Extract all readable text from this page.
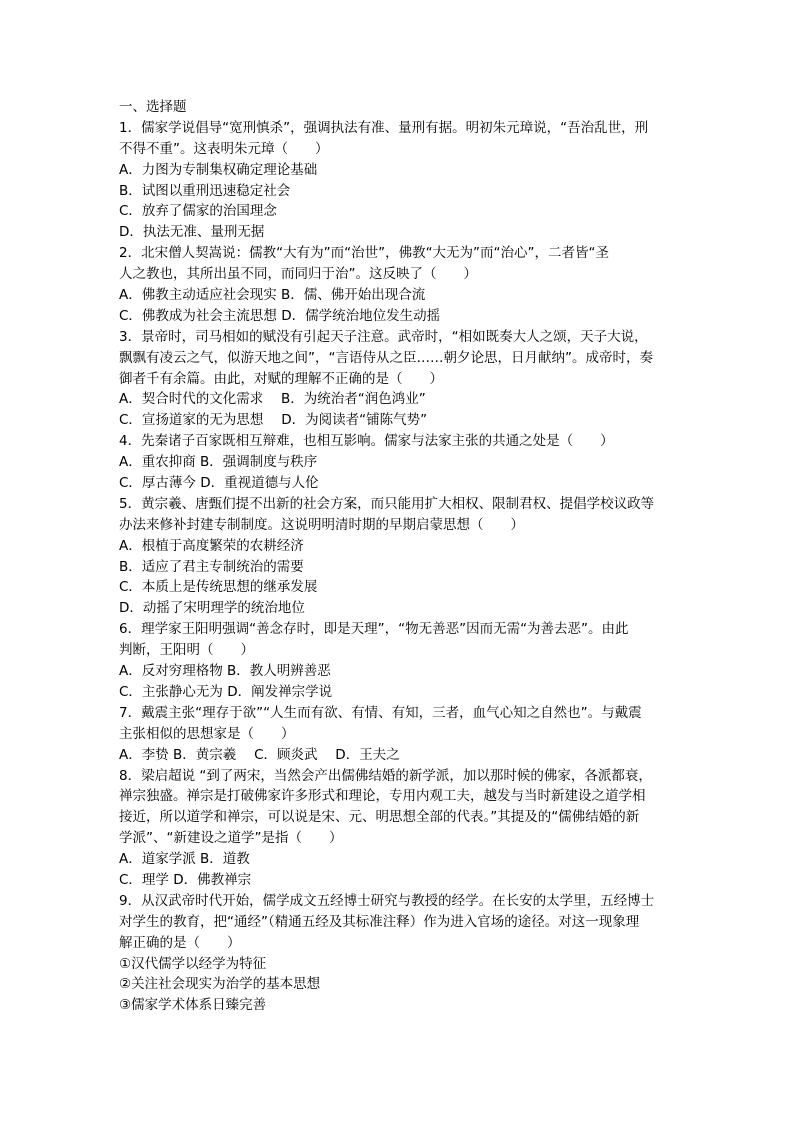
一、选择题
1．儒家学说倡导“宽刑慎杀”，强调执法有准、量刑有据。明初朱元璋说，“吾治乱世，刑
不得不重”。这表明朱元璋（　　）
A．力图为专制集权确定理论基础
B．试图以重刑迅速稳定社会
C．放弃了儒家的治国理念
D．执法无准、量刑无据
2．北宋僧人契嵩说：儒教“大有为”而“治世”，佛教“大无为”而“治心”，二者皆“圣
人之教也，其所出虽不同，而同归于治”。这反映了（　　）
A．佛教主动适应社会现实 B．儒、佛开始出现合流
C．佛教成为社会主流思想 D．儒学统治地位发生动摇
3．景帝时，司马相如的赋没有引起天子注意。武帝时，“相如既奏大人之颂，天子大说，
飘飘有凌云之气，似游天地之间”，“言语侍从之臣……朝夕论思，日月献纳”。成帝时，奏
御者千有余篇。由此，对赋的理解不正确的是（　　）
A．契合时代的文化需求　 B．为统治者“润色鸿业”
C．宣扬道家的无为思想　 D．为阅读者“铺陈气势”
4．先秦诸子百家既相互辩难，也相互影响。儒家与法家主张的共通之处是（　　）
A．重农抑商 B．强调制度与秩序
C．厚古薄今 D．重视道德与人伦
5．黄宗羲、唐甄们提不出新的社会方案，而只能用扩大相权、限制君权、提倡学校议政等
办法来修补封建专制制度。这说明明清时期的早期启蒙思想（　　）
A．根植于高度繁荣的农耕经济
B．适应了君主专制统治的需要
C．本质上是传统思想的继承发展
D．动摇了宋明理学的统治地位
6．理学家王阳明强调“善念存时，即是天理”，“物无善恶”因而无需“为善去恶”。由此
判断，王阳明（　　）
A．反对穷理格物 B．教人明辨善恶
C．主张静心无为 D．阐发禅宗学说
7．戴震主张“理存于欲”“人生而有欲、有情、有知，三者，血气心知之自然也”。与戴震
主张相似的思想家是（　　）
A．李贽 B．黄宗羲　 C．顾炎武　 D．王夫之
8．梁启超说 “到了两宋，当然会产出儒佛结婚的新学派，加以那时候的佛家，各派都衰，
禅宗独盛。禅宗是打破佛家许多形式和理论，专用内观工夫，越发与当时新建设之道学相
接近，所以道学和禅宗，可以说是宋、元、明思想全部的代表。”其提及的“儒佛结婚的新
学派”、“新建设之道学”是指（　　）
A．道家学派 B．道教
C．理学 D．佛教禅宗
9．从汉武帝时代开始，儒学成文五经博士研究与教授的经学。在长安的太学里，五经博士
对学生的教育，把“通经”（精通五经及其标准注释）作为进入官场的途径。对这一现象理
解正确的是（　　）
①汉代儒学以经学为特征
②关注社会现实为治学的基本思想
③儒家学术体系日臻完善
